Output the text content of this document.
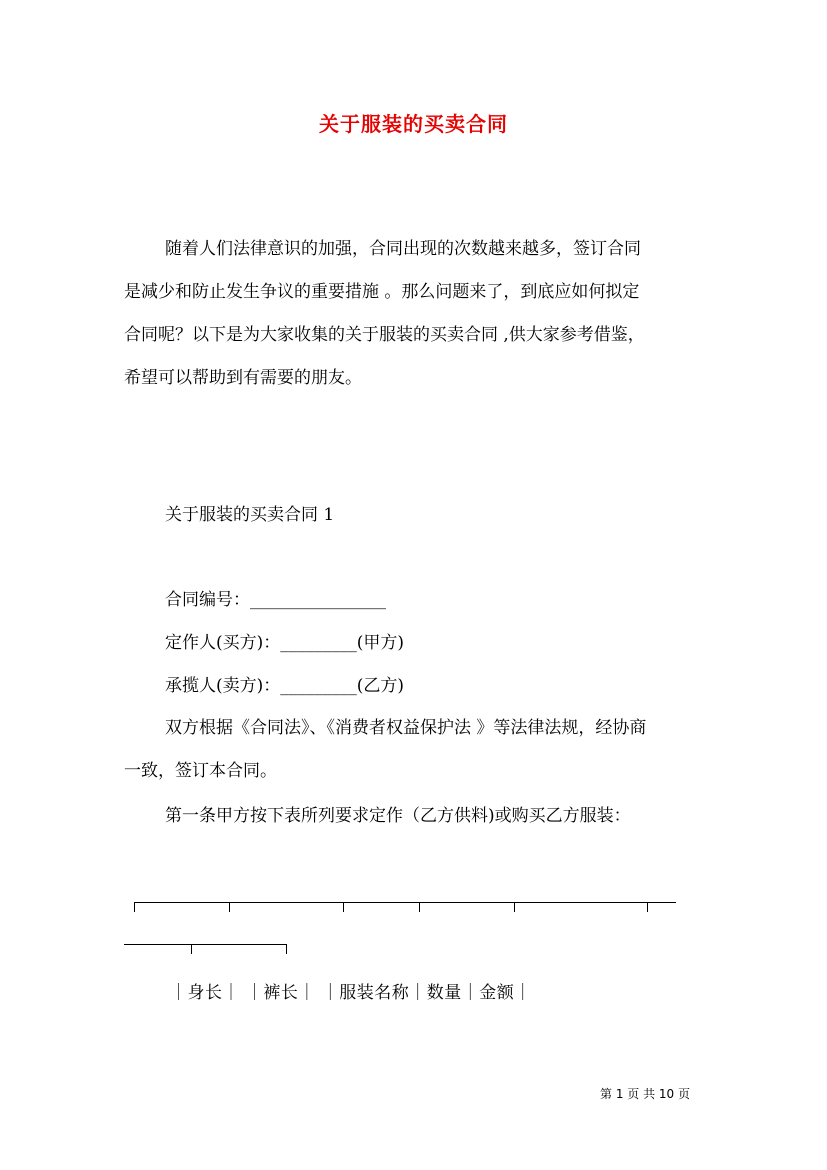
关于服装的买卖合同
随着人们法律意识的加强，合同出现的次数越来越多，签订合同
是减少和防止发生争议的重要措施 。那么问题来了，到底应如何拟定
合同呢？以下是为大家收集的关于服装的买卖合同 ,供大家参考借鉴，
希望可以帮助到有需要的朋友。
关于服装的买卖合同 1
合同编号：________________
定作人(买方)：_________(甲方)
承揽人(卖方)：_________(乙方)
双方根据《合同法》、《消费者权益保护法 》等法律法规，经协商
一致，签订本合同。
第一条甲方按下表所列要求定作（乙方供料)或购买乙方服装：
｜身长｜ ｜裤长｜ ｜服装名称｜数量｜金额｜
第 1 页 共 10 页
